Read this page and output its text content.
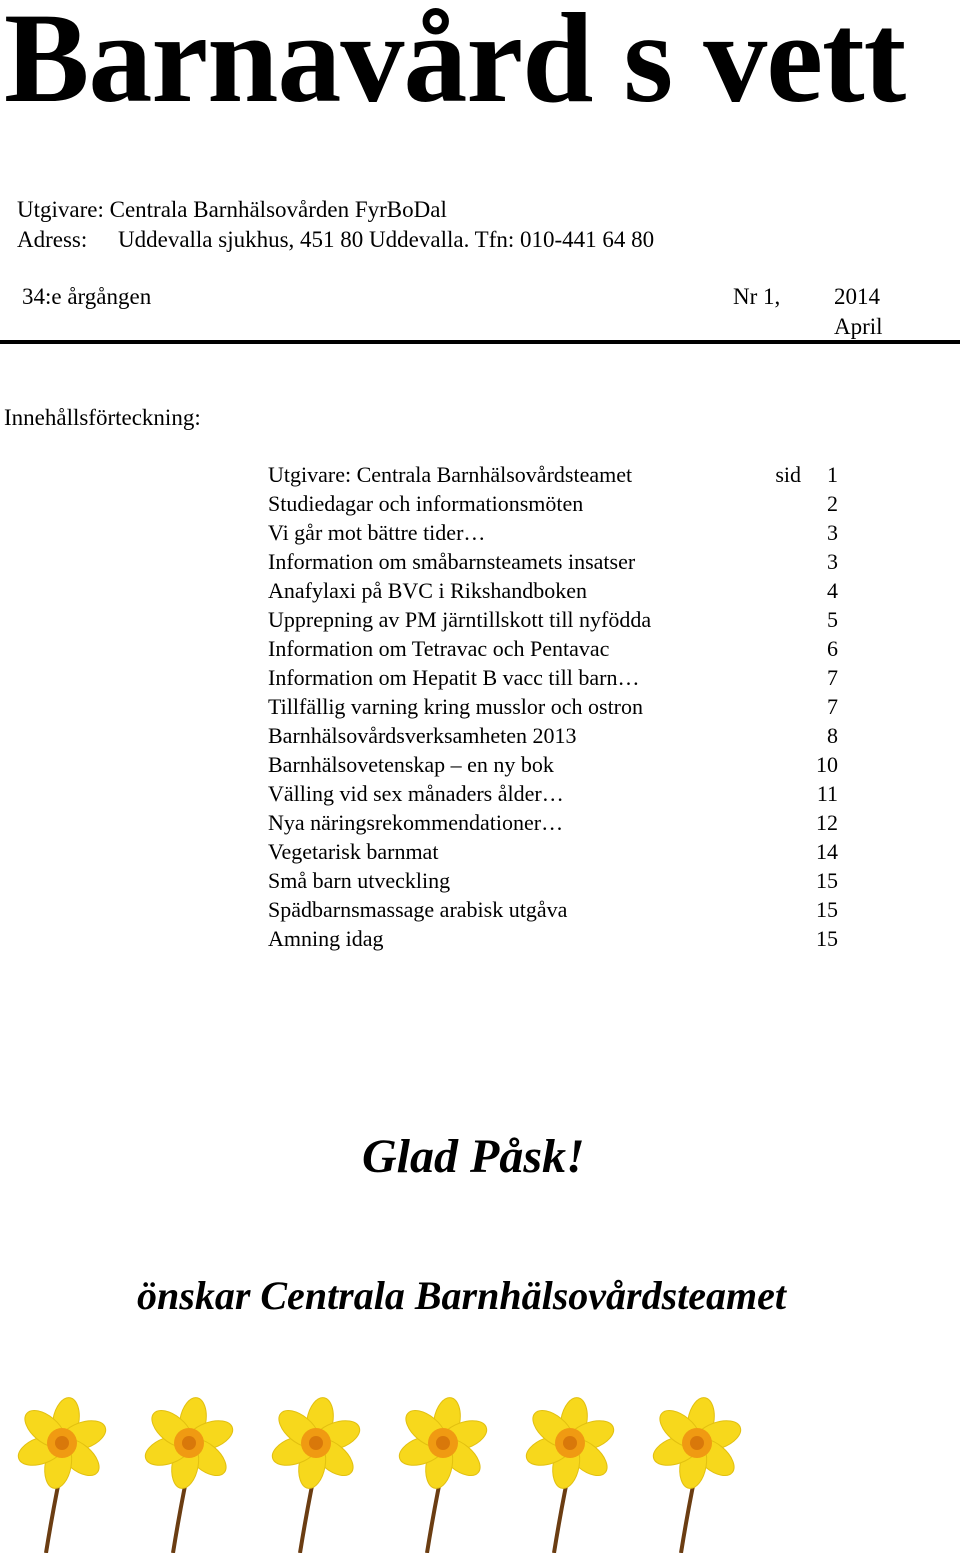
Barnavård s vett
Utgivare: Centrala Barnhälsovården FyrBoDal
Adress: Uddevalla sjukhus, 451 80 Uddevalla. Tfn: 010-441 64 80
34:e årgången	Nr 1, 2014
April
Innehållsförteckning:
Utgivare: Centrala Barnhälsovårdsteamet	sid 1
Studiedagar och informationsmöten	2
Vi går mot bättre tider…	3
Information om småbarnsteamets insatser	3
Anafylaxi på BVC i Rikshandboken	4
Upprepning av PM järntillskott till nyfödda	5
Information om Tetravac och Pentavac	6
Information om Hepatit B vacc till barn…	7
Tillfällig varning kring musslor och ostron	7
Barnhälsovårdsverksamheten 2013	8
Barnhälsovetenskap – en ny bok	10
Välling vid sex månaders ålder…	11
Nya näringsrekommendationer…	12
Vegetarisk barnmat	14
Små barn utveckling	15
Spädbarnsmassage arabisk utgåva	15
Amning idag	15
Glad Påsk!
önskar Centrala Barnhälsovårdsteamet
